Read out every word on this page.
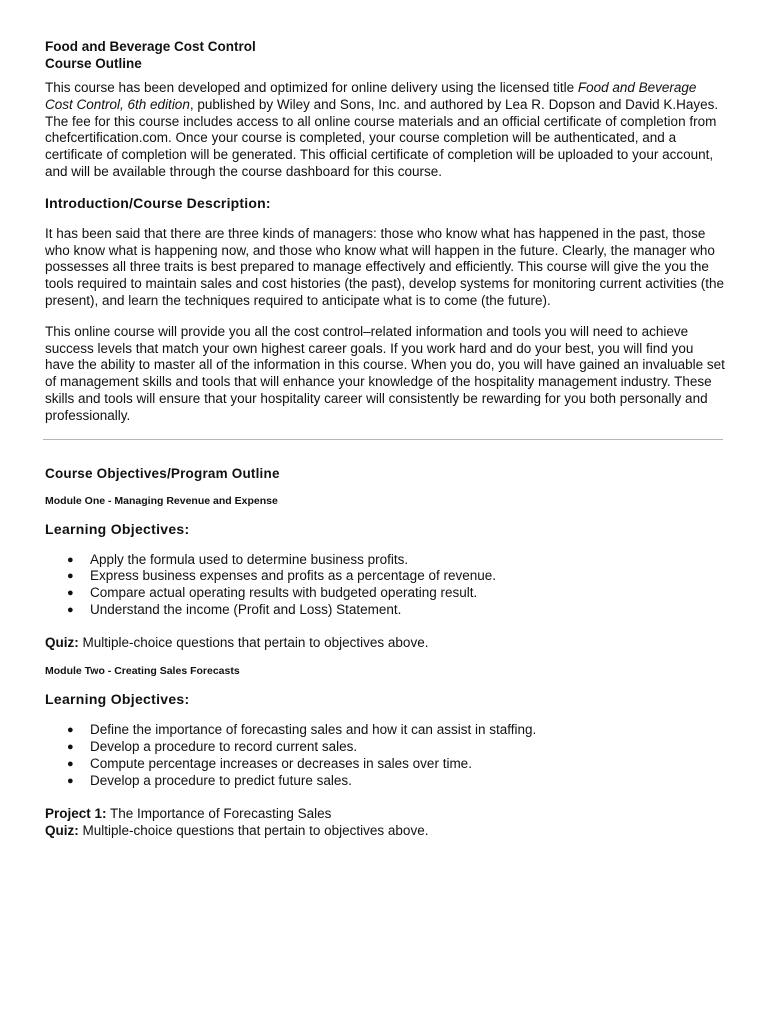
Food and Beverage Cost Control

Course Outline

This course has been developed and optimized for online delivery using the licensed title Food and Beverage Cost Control, 6th edition, published by Wiley and Sons, Inc. and authored by Lea R. Dopson and David K.Hayes. The fee for this course includes access to all online course materials and an official certificate of completion from chefcertification.com. Once your course is completed, your course completion will be authenticated, and a certificate of completion will be generated. This official certificate of completion will be uploaded to your account, and will be available through the course dashboard for this course.

Introduction/Course Description:

It has been said that there are three kinds of managers: those who know what has happened in the past, those who know what is happening now, and those who know what will happen in the future. Clearly, the manager who possesses all three traits is best prepared to manage effectively and efficiently. This course will give the you the tools required to maintain sales and cost histories (the past), develop systems for monitoring current activities (the present), and learn the techniques required to anticipate what is to come (the future).

This online course will provide you all the cost control–related information and tools you will need to achieve success levels that match your own highest career goals. If you work hard and do your best, you will find you have the ability to master all of the information in this course. When you do, you will have gained an invaluable set of management skills and tools that will enhance your knowledge of the hospitality management industry. These skills and tools will ensure that your hospitality career will consistently be rewarding for you both personally and professionally.

Course Objectives/Program Outline
Module One - Managing Revenue and Expense
Learning Objectives:
● Apply the formula used to determine business profits.
● Express business expenses and profits as a percentage of revenue.
● Compare actual operating results with budgeted operating result.
● Understand the income (Profit and Loss) Statement.

Quiz: Multiple-choice questions that pertain to objectives above.

Module Two - Creating Sales Forecasts
Learning Objectives:
● Define the importance of forecasting sales and how it can assist in staffing.
● Develop a procedure to record current sales.
● Compute percentage increases or decreases in sales over time.
● Develop a procedure to predict future sales.

Project 1: The Importance of Forecasting Sales

Quiz: Multiple-choice questions that pertain to objectives above.
